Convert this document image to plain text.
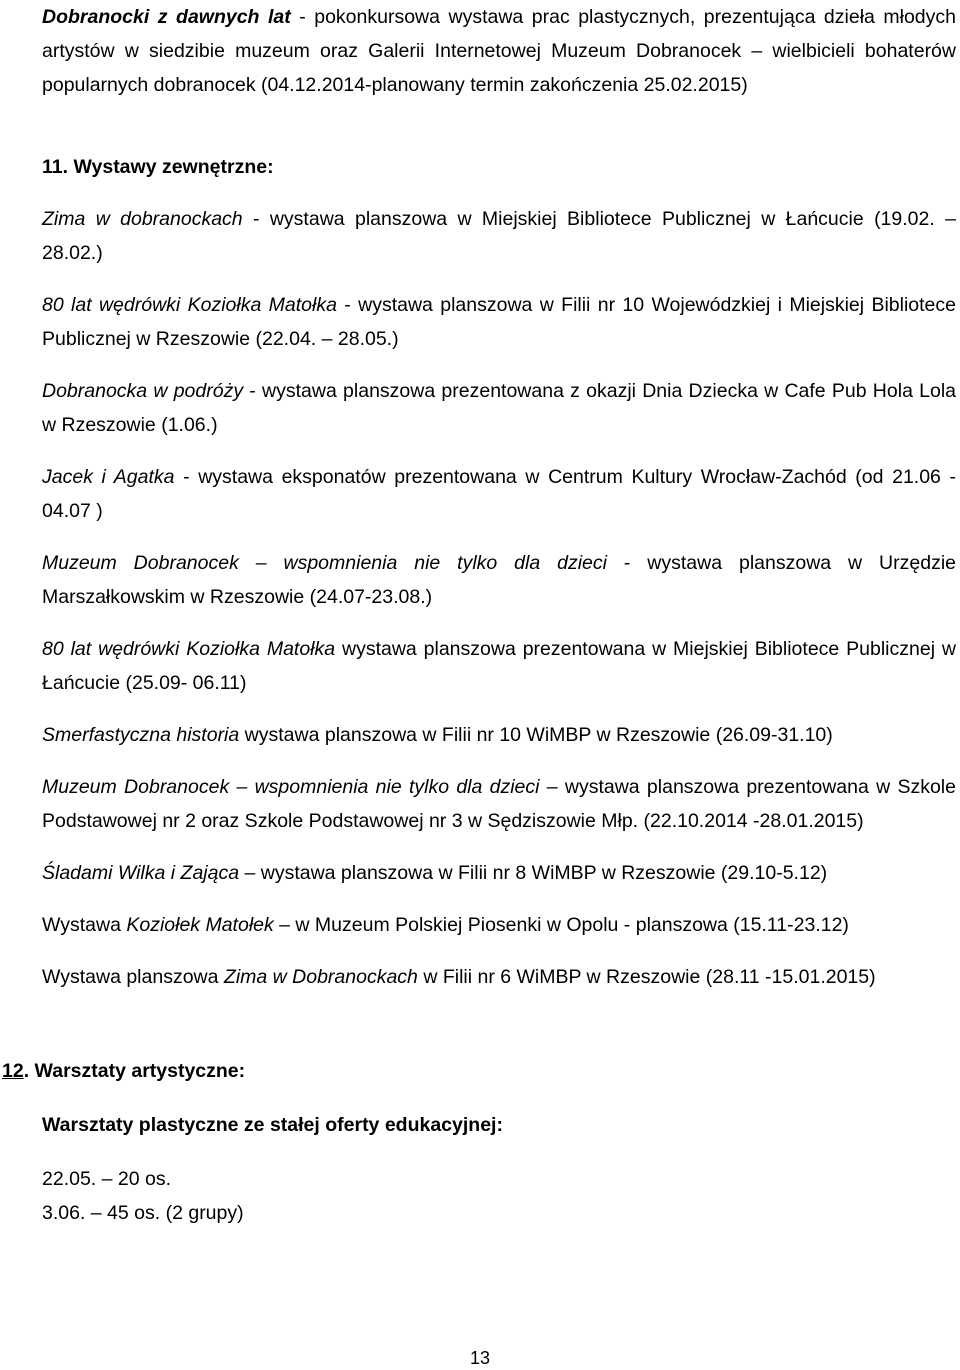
Dobranocki z dawnych lat - pokonkursowa wystawa prac plastycznych, prezentująca dzieła młodych artystów w siedzibie muzeum oraz Galerii Internetowej Muzeum Dobranocek – wielbicieli bohaterów popularnych dobranocek (04.12.2014-planowany termin zakończenia 25.02.2015)

11. Wystawy zewnętrzne:

Zima w dobranockach - wystawa planszowa w Miejskiej Bibliotece Publicznej w Łańcucie (19.02. – 28.02.)

80 lat wędrówki Koziołka Matołka - wystawa planszowa w Filii nr 10 Wojewódzkiej i Miejskiej Bibliotece Publicznej w Rzeszowie (22.04. – 28.05.)

Dobranocka w podróży - wystawa planszowa prezentowana z okazji Dnia Dziecka w Cafe Pub Hola Lola w Rzeszowie (1.06.)

Jacek i Agatka - wystawa eksponatów prezentowana w Centrum Kultury Wrocław-Zachód (od 21.06 - 04.07 )

Muzeum Dobranocek – wspomnienia nie tylko dla dzieci - wystawa planszowa w Urzędzie Marszałkowskim w Rzeszowie (24.07-23.08.)

80 lat wędrówki Koziołka Matołka wystawa planszowa prezentowana w Miejskiej Bibliotece Publicznej w Łańcucie (25.09- 06.11)

Smerfastyczna historia wystawa planszowa w Filii nr 10 WiMBP w Rzeszowie (26.09-31.10)

Muzeum Dobranocek – wspomnienia nie tylko dla dzieci – wystawa planszowa prezentowana w Szkole Podstawowej nr 2 oraz Szkole Podstawowej nr 3 w Sędziszowie Młp. (22.10.2014 -28.01.2015)

Śladami Wilka i Zająca – wystawa planszowa w Filii nr 8 WiMBP w Rzeszowie (29.10-5.12)

Wystawa Koziołek Matołek – w Muzeum Polskiej Piosenki w Opolu - planszowa (15.11-23.12)

Wystawa planszowa Zima w Dobranockach w Filii nr 6 WiMBP w Rzeszowie (28.11 -15.01.2015)

12. Warsztaty artystyczne:

Warsztaty plastyczne ze stałej oferty edukacyjnej:

22.05. – 20 os.

3.06. – 45 os. (2 grupy)

13
